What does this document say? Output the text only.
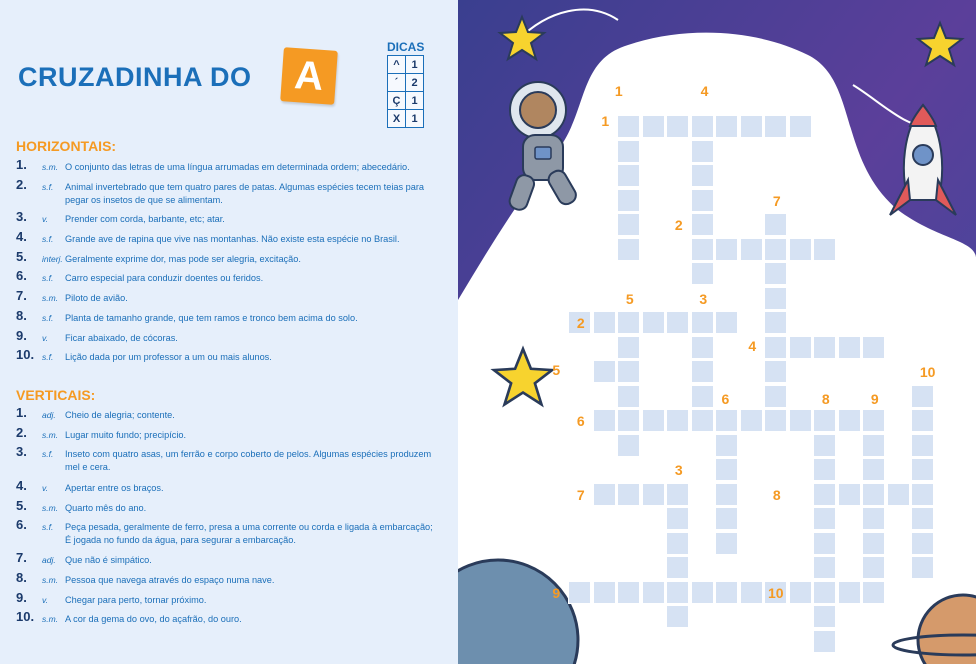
CRUZADINHA DO	A
DICAS
^	1
´	2
Ç	1
X	1
HORIZONTAIS:
1. s.m. O conjunto das letras de uma língua arrumadas em determinada ordem; abecedário.
2. s.f. Animal invertebrado que tem quatro pares de patas. Algumas espécies tecem teias para pegar os insetos de que se alimentam.
3. v. Prender com corda, barbante, etc; atar.
4. s.f. Grande ave de rapina que vive nas montanhas. Não existe esta espécie no Brasil.
5. interj. Geralmente exprime dor, mas pode ser alegria, excitação.
6. s.f. Carro especial para conduzir doentes ou feridos.
7. s.m. Piloto de avião.
8. s.f. Planta de tamanho grande, que tem ramos e tronco bem acima do solo.
9. v. Ficar abaixado, de cócoras.
10. s.f. Lição dada por um professor a um ou mais alunos.
VERTICAIS:
1. adj. Cheio de alegria; contente.
2. s.m. Lugar muito fundo; precipício.
3. s.f. Inseto com quatro asas, um ferrão e corpo coberto de pelos. Algumas espécies produzem mel e cera.
4. v. Apertar entre os braços.
5. s.m. Quarto mês do ano.
6. s.f. Peça pesada, geralmente de ferro, presa a uma corrente ou corda e ligada à embarcação; É jogada no fundo da água, para segurar a embarcação.
7. adj. Que não é simpático.
8. s.m. Pessoa que navega através do espaço numa nave.
9. v. Chegar para perto, tornar próximo.
10. s.m. A cor da gema do ovo, do açafrão, do ouro.
1	4
1
7
2
2
5	3
4
5	10
6	8	9
6
3
7	8
9	10
